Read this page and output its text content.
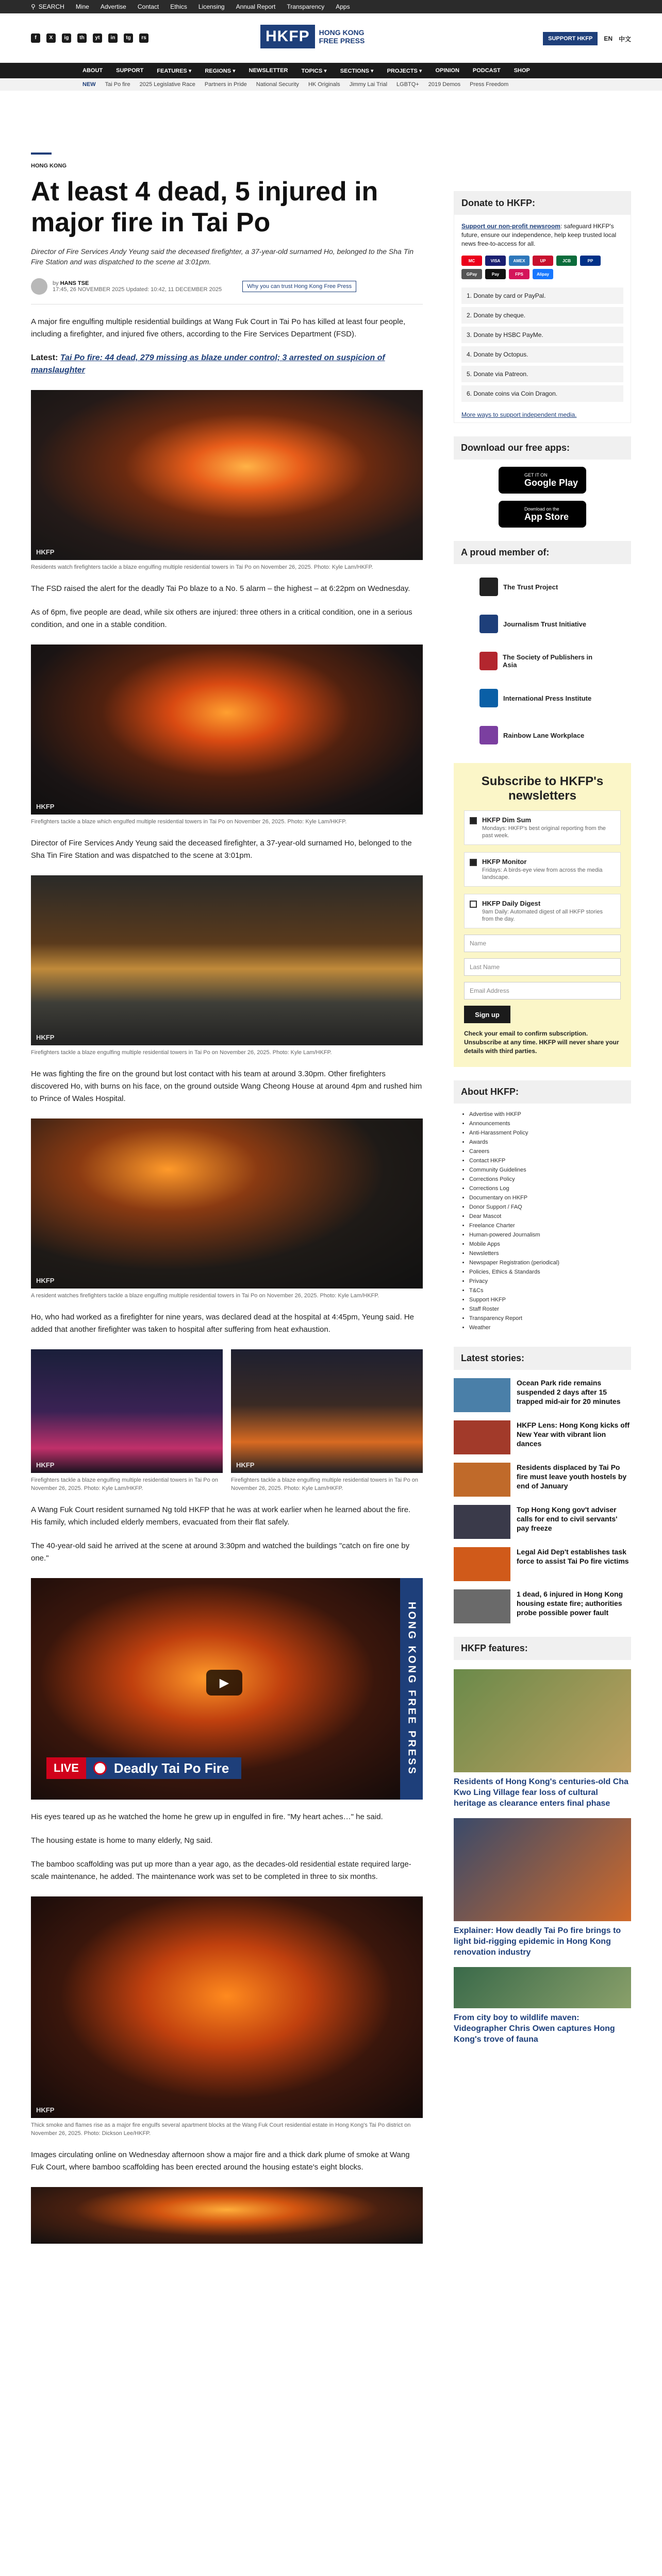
⚲ SEARCH Mine Advertise Contact Ethics Licensing Annual Report Transparency Apps
f	X	ig	th	yt	in	tg	rs	HKFP	HONG KONG
FREE PRESS	SUPPORT HKFP	EN 中文
ABOUT SUPPORT FEATURES ▾ REGIONS ▾ NEWSLETTER TOPICS ▾ SECTIONS ▾ PROJECTS ▾ OPINION PODCAST SHOP
NEW Tai Po fire 2025 Legislative Race Partners in Pride National Security HK Originals Jimmy Lai Trial LGBTQ+ 2019 Demos Press Freedom
HONG KONG
At least 4 dead, 5 injured in major fire in Tai Po
Director of Fire Services Andy Yeung said the deceased firefighter, a 37-year-old surnamed Ho, belonged to the Sha Tin Fire Station and was dispatched to the scene at 3:01pm.
by HANS TSE
17:45, 26 NOVEMBER 2025 Updated: 10:42, 11 DECEMBER 2025	Why you can trust Hong Kong Free Press

A major fire engulfing multiple residential buildings at Wang Fuk Court in Tai Po has killed at least four people, including a firefighter, and injured five others, according to the Fire Services Department (FSD).

Latest: Tai Po fire: 44 dead, 279 missing as blaze under control; 3 arrested on suspicion of manslaughter

HKFP
Residents watch firefighters tackle a blaze engulfing multiple residential towers in Tai Po on November 26, 2025. Photo: Kyle Lam/HKFP.

The FSD raised the alert for the deadly Tai Po blaze to a No. 5 alarm – the highest – at 6:22pm on Wednesday.

As of 6pm, five people are dead, while six others are injured: three others in a critical condition, one in a serious condition, and one in a stable condition.

HKFP
Firefighters tackle a blaze which engulfed multiple residential towers in Tai Po on November 26, 2025. Photo: Kyle Lam/HKFP.

Director of Fire Services Andy Yeung said the deceased firefighter, a 37-year-old surnamed Ho, belonged to the Sha Tin Fire Station and was dispatched to the scene at 3:01pm.

HKFP
Firefighters tackle a blaze engulfing multiple residential towers in Tai Po on November 26, 2025. Photo: Kyle Lam/HKFP.

He was fighting the fire on the ground but lost contact with his team at around 3.30pm. Other firefighters discovered Ho, with burns on his face, on the ground outside Wang Cheong House at around 4pm and rushed him to Prince of Wales Hospital.

HKFP
A resident watches firefighters tackle a blaze engulfing multiple residential towers in Tai Po on November 26, 2025. Photo: Kyle Lam/HKFP.

Ho, who had worked as a firefighter for nine years, was declared dead at the hospital at 4:45pm, Yeung said. He added that another firefighter was taken to hospital after suffering from heat exhaustion.

HKFP
Firefighters tackle a blaze engulfing multiple residential towers in Tai Po on November 26, 2025. Photo: Kyle Lam/HKFP.
HKFP
Firefighters tackle a blaze engulfing multiple residential towers in Tai Po on November 26, 2025. Photo: Kyle Lam/HKFP.

A Wang Fuk Court resident surnamed Ng told HKFP that he was at work earlier when he learned about the fire. His family, which included elderly members, evacuated from their flat safely.

The 40-year-old said he arrived at the scene at around 3:30pm and watched the buildings "catch on fire one by one."

HONG KONG FREE PRESS
▶
LIVE	Deadly Tai Po Fire

His eyes teared up as he watched the home he grew up in engulfed in fire. "My heart aches…" he said.

The housing estate is home to many elderly, Ng said.

The bamboo scaffolding was put up more than a year ago, as the decades-old residential estate required large-scale maintenance, he added. The maintenance work was set to be completed in three to six months.

HKFP
Thick smoke and flames rise as a major fire engulfs several apartment blocks at the Wang Fuk Court residential estate in Hong Kong's Tai Po district on November 26, 2025. Photo: Dickson Lee/HKFP.

Images circulating online on Wednesday afternoon show a major fire and a thick dark plume of smoke at Wang Fuk Court, where bamboo scaffolding has been erected around the housing estate's eight blocks.

Donate to HKFP:
Support our non-profit newsroom: safeguard HKFP's future, ensure our independence, help keep trusted local news free-to-access for all.
MC	VISA	AMEX	UP	JCB	PP
GPay	Pay	FPS	Alipay
1. Donate by card or PayPal.
2. Donate by cheque.
3. Donate by HSBC PayMe.
4. Donate by Octopus.
5. Donate via Patreon.
6. Donate coins via Coin Dragon.
More ways to support independent media.
Download our free apps:
GET IT ON
Google Play
Download on the
App Store
A proud member of:
The Trust Project
Journalism Trust Initiative
The Society of Publishers in Asia
International Press Institute
Rainbow Lane Workplace
Subscribe to HKFP's newsletters
HKFP Dim Sum
Mondays: HKFP's best original reporting from the past week.
HKFP Monitor
Fridays: A birds-eye view from across the media landscape.
HKFP Daily Digest
9am Daily: Automated digest of all HKFP stories from the day.
Name
Last Name
Email Address
Sign up
Check your email to confirm subscription. Unsubscribe at any time. HKFP will never share your details with third parties.
About HKFP:
• Advertise with HKFP
• Announcements
• Anti-Harassment Policy
• Awards
• Careers
• Contact HKFP
• Community Guidelines
• Corrections Policy
• Corrections Log
• Documentary on HKFP
• Donor Support / FAQ
• Dear Mascot
• Freelance Charter
• Human-powered Journalism
• Mobile Apps
• Newsletters
• Newspaper Registration (periodical)
• Policies, Ethics & Standards
• Privacy
• T&Cs
• Support HKFP
• Staff Roster
• Transparency Report
• Weather
Latest stories:
Ocean Park ride remains suspended 2 days after 15 trapped mid-air for 20 minutes
HKFP Lens: Hong Kong kicks off New Year with vibrant lion dances
Residents displaced by Tai Po fire must leave youth hostels by end of January
Top Hong Kong gov't adviser calls for end to civil servants' pay freeze
Legal Aid Dep't establishes task force to assist Tai Po fire victims
1 dead, 6 injured in Hong Kong housing estate fire; authorities probe possible power fault
HKFP features:
Residents of Hong Kong's centuries-old Cha Kwo Ling Village fear loss of cultural heritage as clearance enters final phase
Explainer: How deadly Tai Po fire brings to light bid-rigging epidemic in Hong Kong renovation industry
From city boy to wildlife maven: Videographer Chris Owen captures Hong Kong's trove of fauna
